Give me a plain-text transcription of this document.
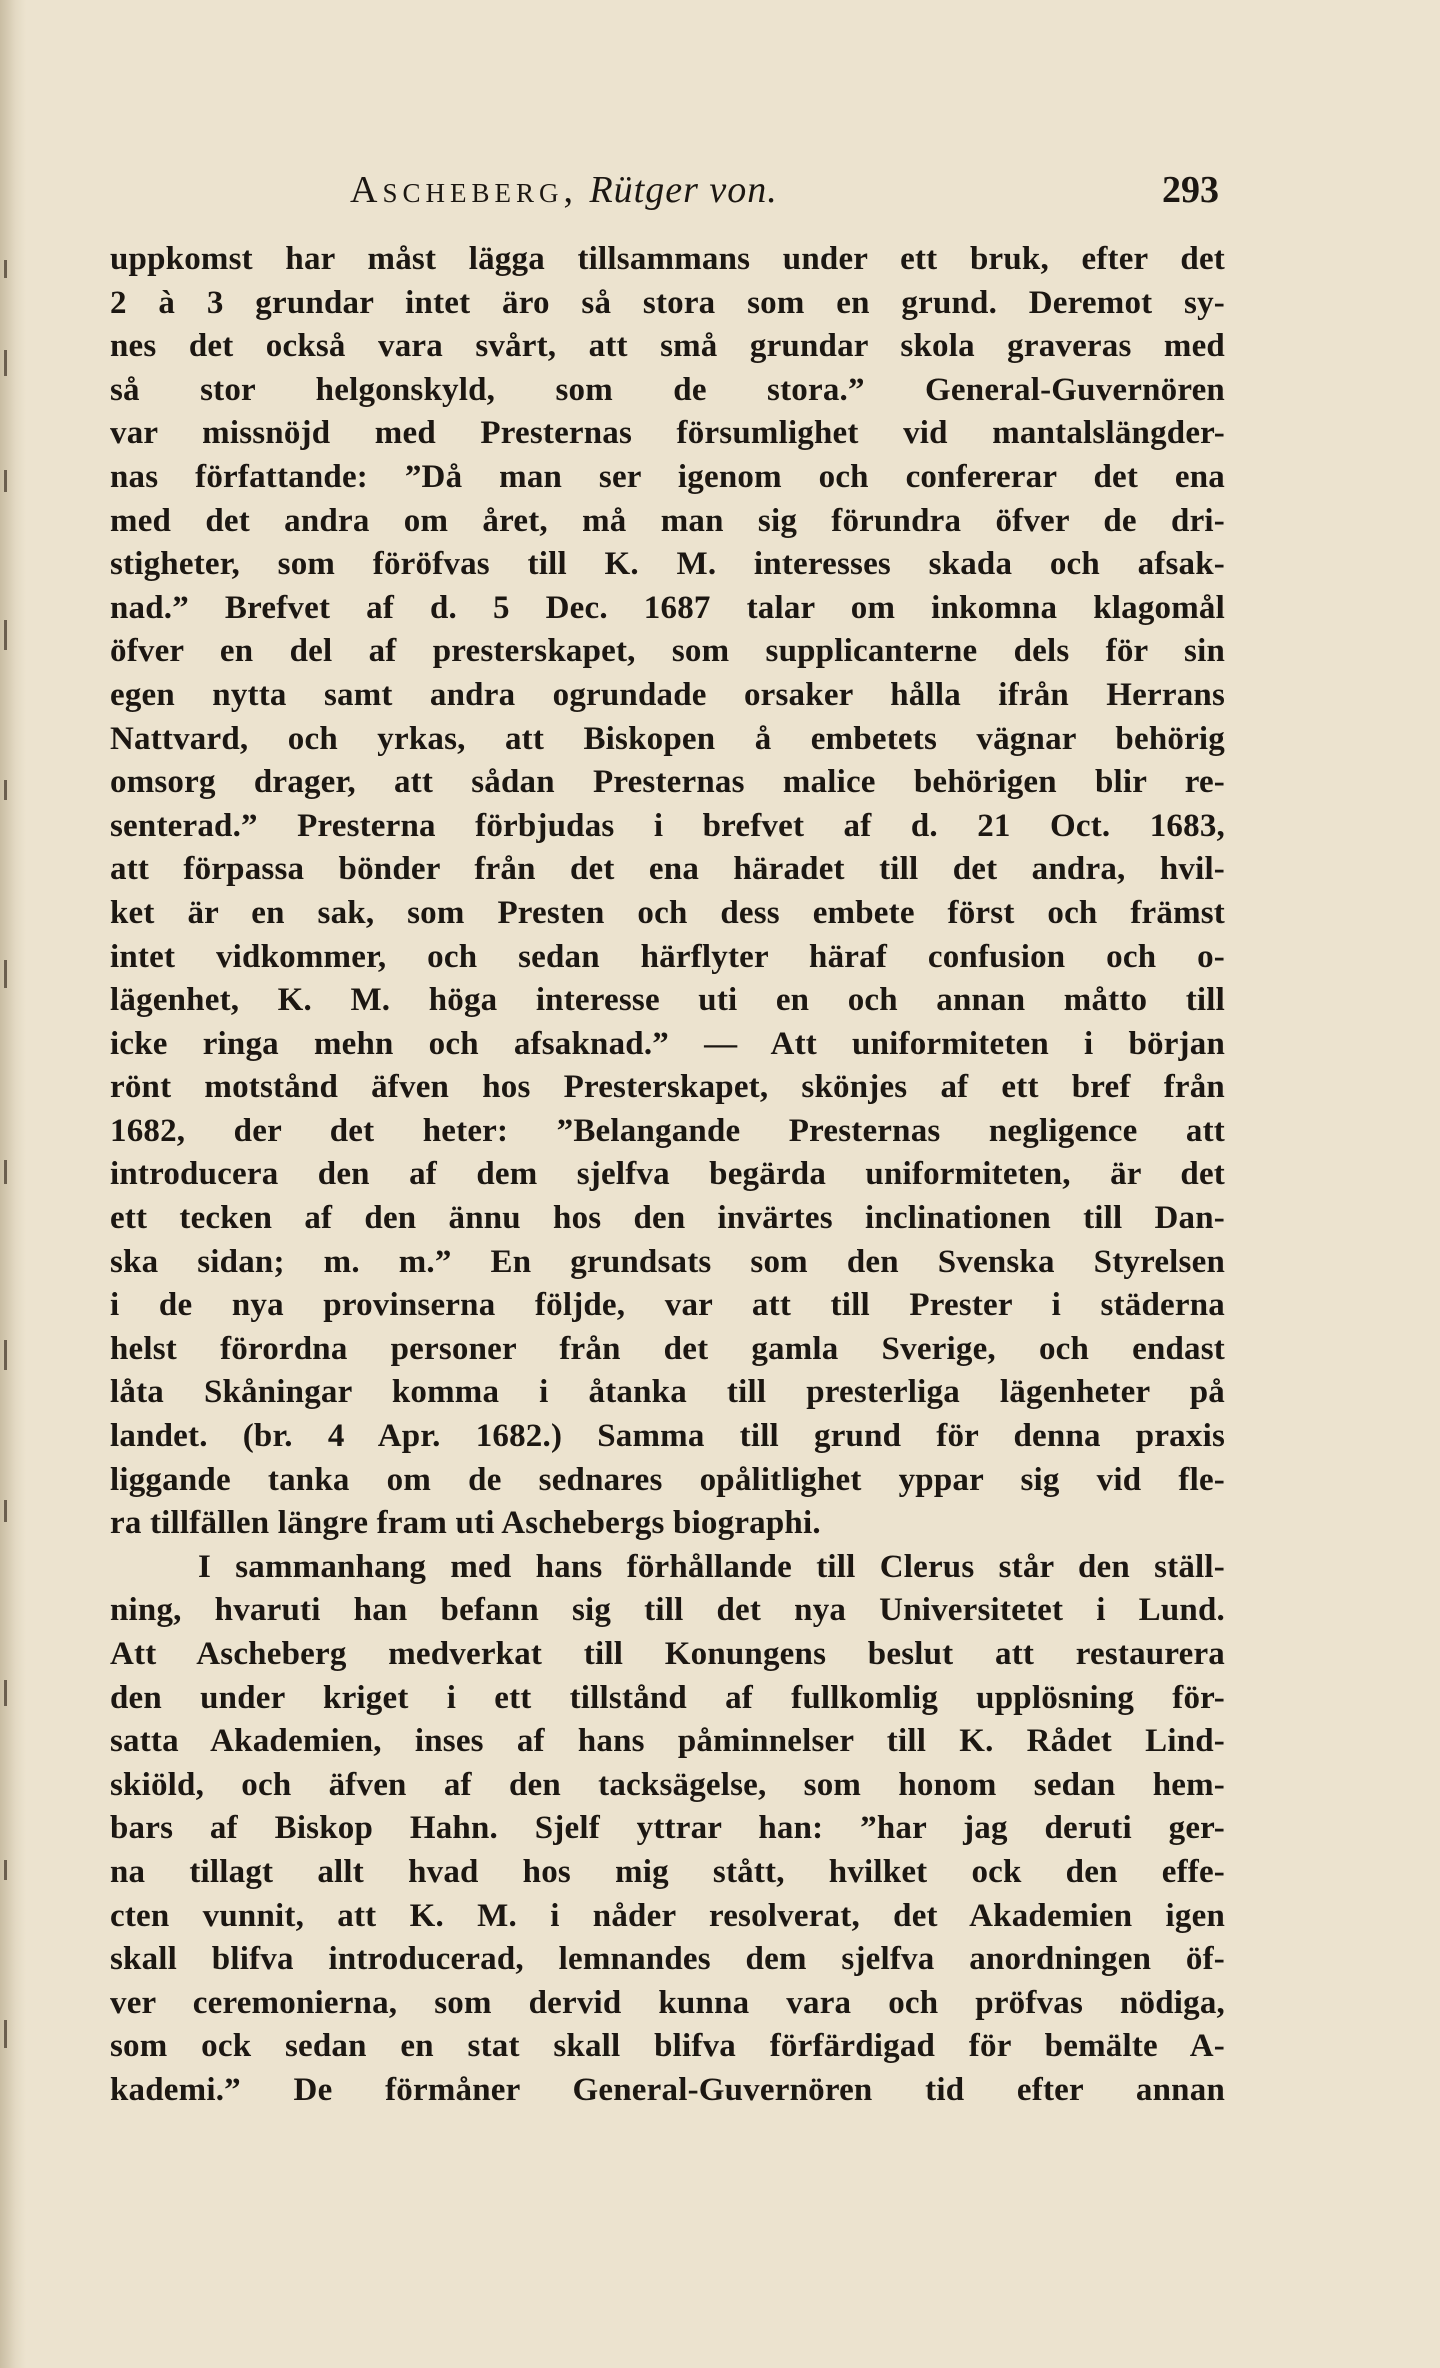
Ascheberg, Rütger von.	293
uppkomst har måst lägga tillsammans under ett bruk, efter det
2 à 3 grundar intet äro så stora som en grund. Deremot sy-
nes det också vara svårt, att små grundar skola graveras med
så stor helgonskyld, som de stora.” General-Guvernören
var missnöjd med Presternas försumlighet vid mantalslängder-
nas författande: ”Då man ser igenom och confererar det ena
med det andra om året, må man sig förundra öfver de dri-
stigheter, som föröfvas till K. M. interesses skada och afsak-
nad.” Brefvet af d. 5 Dec. 1687 talar om inkomna klagomål
öfver en del af presterskapet, som supplicanterne dels för sin
egen nytta samt andra ogrundade orsaker hålla ifrån Herrans
Nattvard, och yrkas, att Biskopen å embetets vägnar behörig
omsorg drager, att sådan Presternas malice behörigen blir re-
senterad.” Presterna förbjudas i brefvet af d. 21 Oct. 1683,
att förpassa bönder från det ena häradet till det andra, hvil-
ket är en sak, som Presten och dess embete först och främst
intet vidkommer, och sedan härflyter häraf confusion och o-
lägenhet, K. M. höga interesse uti en och annan måtto till
icke ringa mehn och afsaknad.” — Att uniformiteten i början
rönt motstånd äfven hos Presterskapet, skönjes af ett bref från
1682, der det heter: ”Belangande Presternas negligence att
introducera den af dem sjelfva begärda uniformiteten, är det
ett tecken af den ännu hos den invärtes inclinationen till Dan-
ska sidan; m. m.” En grundsats som den Svenska Styrelsen
i de nya provinserna följde, var att till Prester i städerna
helst förordna personer från det gamla Sverige, och endast
låta Skåningar komma i åtanka till presterliga lägenheter på
landet. (br. 4 Apr. 1682.) Samma till grund för denna praxis
liggande tanka om de sednares opålitlighet yppar sig vid fle-
ra tillfällen längre fram uti Aschebergs biographi.
I sammanhang med hans förhållande till Clerus står den ställ-
ning, hvaruti han befann sig till det nya Universitetet i Lund.
Att Ascheberg medverkat till Konungens beslut att restaurera
den under kriget i ett tillstånd af fullkomlig upplösning för-
satta Akademien, inses af hans påminnelser till K. Rådet Lind-
skiöld, och äfven af den tacksägelse, som honom sedan hem-
bars af Biskop Hahn. Sjelf yttrar han: ”har jag deruti ger-
na tillagt allt hvad hos mig stått, hvilket ock den effe-
cten vunnit, att K. M. i nåder resolverat, det Akademien igen
skall blifva introducerad, lemnandes dem sjelfva anordningen öf-
ver ceremonierna, som dervid kunna vara och pröfvas nödiga,
som ock sedan en stat skall blifva förfärdigad för bemälte A-
kademi.” De förmåner General-Guvernören tid efter annan
